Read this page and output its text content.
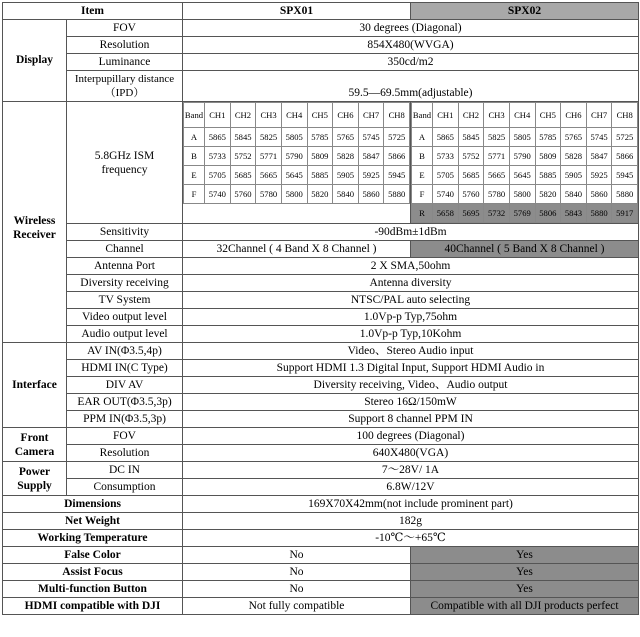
Item	SPX01	SPX02
Display	FOV	30 degrees (Diagonal)
Resolution	854X480(WVGA)
Luminance	350cd/m2
Interpupillary distance
（IPD）	59.5—69.5mm(adjustable)
Wireless Receiver	5.8GHz ISM frequency	
Band	CH1	CH2	CH3	CH4	CH5	CH6	CH7	CH8
A	5865	5845	5825	5805	5785	5765	5745	5725
B	5733	5752	5771	5790	5809	5828	5847	5866
E	5705	5685	5665	5645	5885	5905	5925	5945
F	5740	5760	5780	5800	5820	5840	5860	5880

Band	CH1	CH2	CH3	CH4	CH5	CH6	CH7	CH8
A	5865	5845	5825	5805	5785	5765	5745	5725
B	5733	5752	5771	5790	5809	5828	5847	5866
E	5705	5685	5665	5645	5885	5905	5925	5945
F	5740	5760	5780	5800	5820	5840	5860	5880
R	5658	5695	5732	5769	5806	5843	5880	5917

Sensitivity	-90dBm±1dBm
Channel	32Channel ( 4 Band X 8 Channel )	40Channel ( 5 Band X 8 Channel )
Antenna Port	2 X SMA,50ohm
Diversity receiving	Antenna diversity
TV System	NTSC/PAL auto selecting
Video output level	1.0Vp-p Typ,75ohm
Audio output level	1.0Vp-p Typ,10Kohm
Interface	AV IN(Φ3.5,4p)	Video、Stereo Audio input
HDMI IN(C Type)	Support HDMI 1.3 Digital Input, Support HDMI Audio in
DIV AV	Diversity receiving, Video、Audio output
EAR OUT(Φ3.5,3p)	Stereo 16Ω/150mW
PPM IN(Φ3.5,3p)	Support 8 channel PPM IN
Front Camera	FOV	100 degrees (Diagonal)
Resolution	640X480(VGA)
Power Supply	DC IN	7～28V/ 1A
Consumption	6.8W/12V
Dimensions	169X70X42mm(not include prominent part)
Net Weight	182g
Working Temperature	-10℃～+65℃
False Color	No	Yes
Assist Focus	No	Yes
Multi-function Button	No	Yes
HDMI compatible with DJI	Not fully compatible	Compatible with all DJI products perfect
